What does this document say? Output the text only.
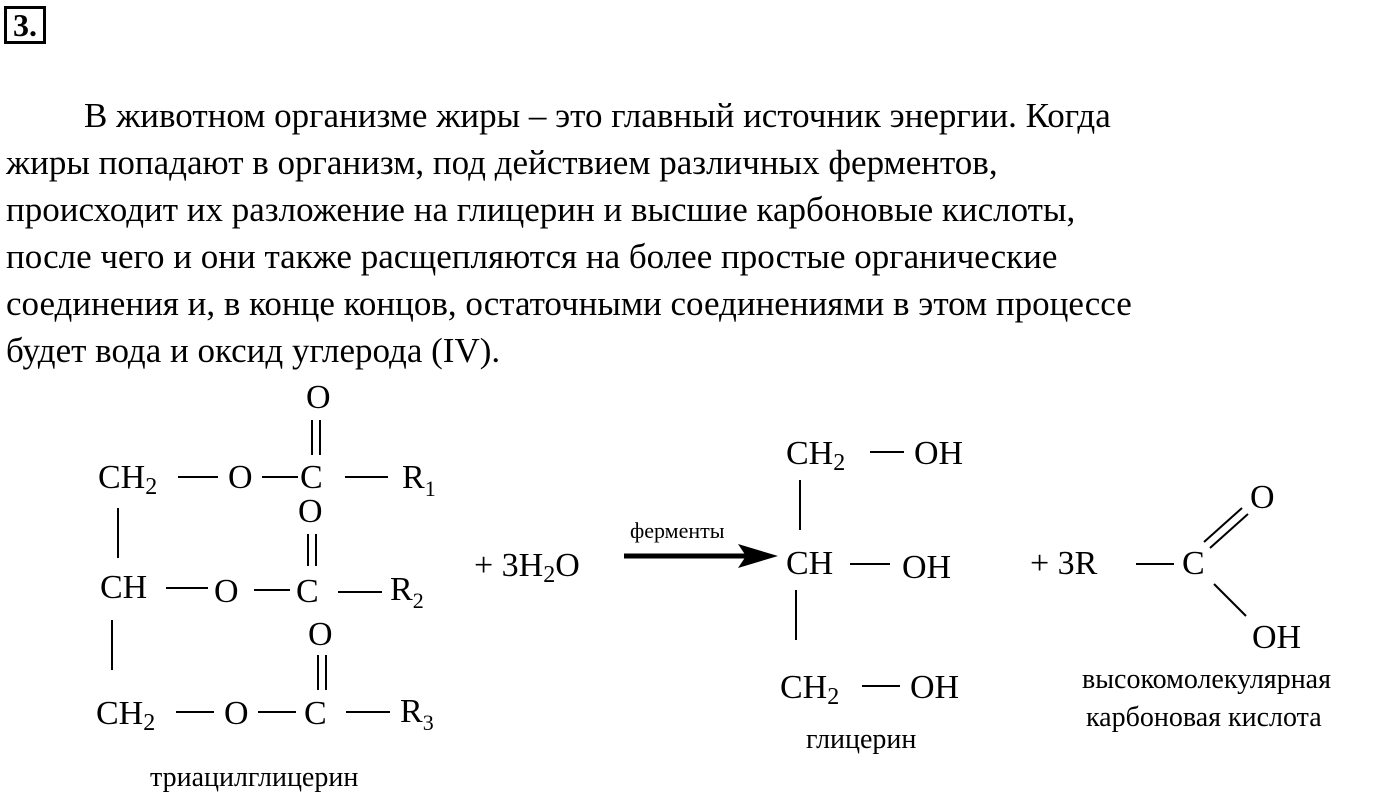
3.
В животном организме жиры – это главный источник энергии. Когда
жиры попадают в организм, под действием различных ферментов,
происходит их разложение на глицерин и высшие карбоновые кислоты,
после чего и они также расщепляются на более простые органические
соединения и, в конце концов, остаточными соединениями в этом процессе
будет вода и оксид углерода (IV).
CH2 O C
O
$R_1$
CH O C
O
$R_2$
CH2 O C
O
$R_3$
триацилглицерин
+ 3H2O
ферменты
CH2 OH
CH OH
CH2 OH
глицерин
+ 3R C
O
OH
высокомолекулярная
карбоновая кислота
